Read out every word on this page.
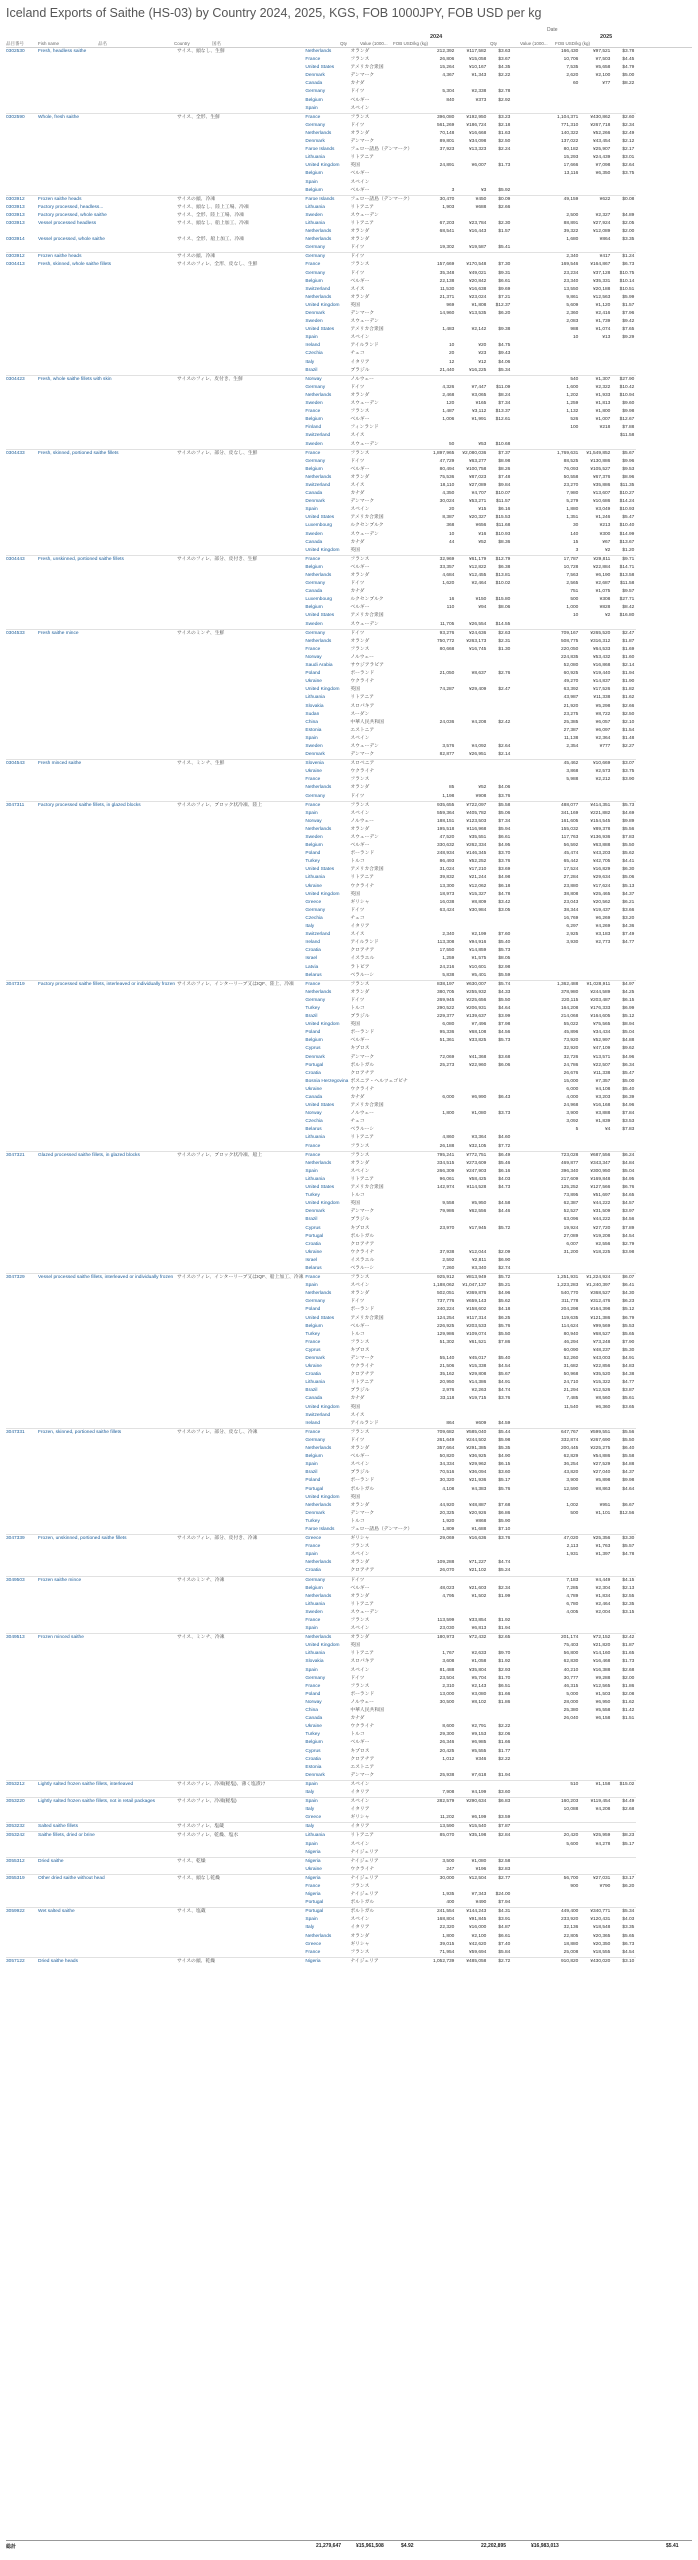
Iceland Exports of Saithe (HS-03) by Country 2024, 2025, KGS, FOB 1000JPY, FOB USD per kg
Date
2024	2025
品目番号	Fish name	品名	Country	国名	Qty	Value (1000... FOB USD/kg (kg)	Qty	Value (1000... FOB USD/kg (kg)
0302530	Fresh, headless saithe	サイス、頭なし、生鮮	Netherlands	オランダ	212,392	¥117,582	$3.63	166,430	¥97,521	$3.78
			France	フランス	26,806	¥15,058	$3.67	10,706	¥7,503	$4.45
			United States	アメリカ合衆国	15,264	¥10,167	$4.35	7,535	¥5,658	$4.79
			Denmark	デンマーク	4,367	¥1,343	$2.22	2,620	¥2,100	$5.00
			Canada	カナダ				60	¥77	$8.22
			Germany	ドイツ	5,304	¥2,338	$2.78			
			Belgium	ベルギー	840	¥373	$2.92			
			Spain	スペイン						
0302590	Whole, fresh saithe	サイス、全形、生鮮	France	フランス	396,080	¥192,950	$3.23	1,104,371	¥430,862	$2.60
			Germany	ドイツ	561,269	¥186,724	$2.18	771,310	¥267,718	$2.34
			Netherlands	オランダ	70,148	¥16,668	$1.63	140,322	¥52,266	$2.49
			Denmark	デンマーク	89,801	¥34,098	$2.50	137,022	¥43,454	$2.12
			Faroe Islands	フェロー諸島（デンマーク）	37,923	¥13,323	$2.24	80,182	¥25,907	$2.17
			Lithuania	リトアニア				15,293	¥24,439	$3.01
			United Kingdom	英国	24,891	¥6,007	$1.73	17,666	¥7,098	$2.64
			Belgium	ベルギー				13,116	¥6,350	$3.75
			Spain	スペイン						
			Belgium	ベルギー	3	¥3	$5.92			
0303912	Frozen saithe heads	サイスの頭、冷凍	Faroe Islands	フェロー諸島（デンマーク）	30,470	¥450	$0.09	49,159	¥622	$0.08
0303913	Factory processed, headless...	サイス、頭なし、陸上工場、冷凍	Lithuania	リトアニア	1,903	¥688	$2.66			
0303913	Factory processed, whole saithe	サイス、全形、陸上工場、冷凍	Sweden	スウェーデン				2,500	¥2,327	$4.89
0303913	Vessel processed headless	サイス、頭なし、船上加工、冷凍	Lithuania	リトアニア	67,203	¥23,784	$2.30	88,891	¥27,924	$2.05
			Netherlands	オランダ	68,541	¥16,443	$1.57	39,322	¥12,089	$2.00
0303914	Vessel processed, whole saithe	サイス、全形、船上加工、冷凍	Netherlands	オランダ				1,680	¥864	$3.35
			Germany	ドイツ	19,302	¥19,587	$5.41			
0303912	Frozen saithe heads	サイスの頭、冷凍	Germany	ドイツ				2,340	¥417	$1.24
0304413	Fresh, skinned, whole saithe fillets	サイスのフィレ、全形、皮なし、生鮮	France	フランス	157,669	¥170,548	$7.30	169,546	¥164,867	$6.73
			Germany	ドイツ	35,348	¥49,021	$9.31	23,234	¥37,128	$10.75
			Belgium	ベルギー	22,138	¥20,842	$6.61	23,340	¥35,331	$10.14
			Switzerland	スイス	11,530	¥16,638	$9.69	13,550	¥20,188	$10.51
			Netherlands	オランダ	21,371	¥23,024	$7.21	9,861	¥12,563	$5.99
			United Kingdom	英国	969	¥1,808	$12.37	5,609	¥1,120	$1.57
			Denmark	デンマーク	14,960	¥13,535	$6.20	2,360	¥2,416	$7.96
			Sweden	スウェーデン				2,083	¥1,739	$9.42
			United States	アメリカ合衆国	1,483	¥2,142	$9.38	988	¥1,074	$7.65
			Spain	スペイン				10	¥13	$9.29
			Ireland	アイルランド	10	¥20	$4.75			
			Czechia	チェコ	20	¥23	$9.43			
			Italy	イタリア	12	¥12	$4.06			
			Brazil	ブラジル	21,440	¥16,225	$5.34			
0304423	Fresh, whole saithe fillets with skin	サイスのフィレ、皮付き、生鮮	Norway	ノルウェー				540	¥1,307	$27.90
			Germany	ドイツ	4,326	¥7,447	$11.09	1,600	¥2,322	$10.42
			Netherlands	オランダ	2,468	¥3,065	$8.24	1,202	¥1,933	$10.94
			Sweden	スウェーデン	120	¥165	$7.34	1,259	¥1,813	$9.60
			France	フランス	1,487	¥3,112	$13.37	1,132	¥1,800	$9.98
			Belgium	ベルギー	1,006	¥1,991	$12.61	526	¥1,007	$12.67
			Finland	フィンランド				100	¥218	$7.88
			Switzerland	スイス						$11.58
			Sweden	スウェーデン	50	¥53	$10.68			
0304433	Fresh, skinned, portioned saithe fillets	サイスのフィレ、部分、皮なし、生鮮	France	フランス	1,897,965	¥2,080,036	$7.37	1,769,631	¥1,549,852	$5.67
			Germany	ドイツ	47,729	¥63,277	$8.98	88,525	¥130,886	$9.96
			Belgium	ベルギー	80,494	¥100,758	$8.26	76,093	¥105,527	$9.53
			Netherlands	オランダ	75,536	¥87,023	$7.48	50,558	¥67,376	$8.96
			Switzerland	スイス	18,110	¥27,089	$9.84	23,270	¥35,886	$11.35
			Canada	カナダ	4,350	¥4,707	$10.07	7,980	¥13,607	$10.27
			Denmark	デンマーク	30,024	¥53,271	$11.57	5,279	¥10,686	$14.24
			Spain	スペイン	20	¥15	$6.16	1,880	¥3,049	$10.93
			United States	アメリカ合衆国	8,387	¥20,327	$15.53	1,351	¥1,246	$5.47
			Luxembourg	ルクセンブルク	368	¥656	$11.68	30	¥213	$10.40
			Sweden	スウェーデン	10	¥16	$10.93	140	¥300	$14.99
			Canada	カナダ	44	¥52	$8.36	15	¥67	$13.67
			United Kingdom	英国				3	¥2	$1.20
0304443	Fresh, unskinned, portioned saithe fillets	サイスのフィレ、部分、皮付き、生鮮	France	フランス	32,969	¥61,179	$12.79	17,787	¥29,811	$9.71
			Belgium	ベルギー	33,357	¥12,822	$6.38	10,728	¥22,884	$14.71
			Netherlands	オランダ	4,684	¥12,455	$13.81	7,563	¥6,190	$13.58
			Germany	ドイツ	1,620	¥2,464	$10.02	2,565	¥2,687	$11.58
			Canada	カナダ				751	¥1,075	$9.57
			Luxembourg	ルクセンブルク	16	¥150	$15.80	500	¥308	$27.71
			Belgium	ベルギー	110	¥94	$8.06	1,000	¥828	$8.42
			United States	アメリカ合衆国				10	¥2	$16.80
			Sweden	スウェーデン	11,705	¥26,554	$14.55			
0304533	Fresh saithe mince	サイスのミンチ、生鮮	Germany	ドイツ	93,276	¥24,636	$2.63	709,167	¥265,520	$2.47
			Netherlands	オランダ	750,772	¥263,173	$2.31	508,775	¥316,312	$1.87
			France	フランス	80,668	¥16,745	$1.30	220,050	¥64,533	$1.69
			Norway	ノルウェー				224,835	¥53,432	$1.60
			Saudi Arabia	サウジアラビア				52,080	¥16,868	$2.14
			Poland	ポーランド	21,050	¥8,637	$2.76	60,925	¥19,440	$1.94
			Ukraine	ウクライナ				49,270	¥14,837	$1.90
			United Kingdom	英国	74,287	¥29,409	$2.47	63,392	¥17,526	$1.82
			Lithuania	リトアニア				43,987	¥11,338	$1.62
			Slovakia	スロバキア				21,920	¥5,298	$2.66
			Sudan	スーダン				23,275	¥8,722	$2.50
			China	中華人民共和国	24,036	¥4,208	$2.42	25,385	¥6,057	$2.10
			Estonia	エストニア				27,387	¥6,097	$1.54
			Spain	スペイン				11,138	¥2,364	$1.48
			Sweden	スウェーデン	3,576	¥4,092	$2.64	2,354	¥777	$2.27
			Denmark	デンマーク	82,877	¥26,951	$2.14			
0304543	Fresh minced saithe	サイス、ミンチ、生鮮	Slovenia	スロベニア				45,462	¥10,669	$3.07
			Ukraine	ウクライナ				3,868	¥2,573	$3.75
			France	フランス				5,988	¥2,212	$3.90
			Netherlands	オランダ	85	¥52	$4.06			
			Germany	ドイツ	1,198	¥908	$3.76			
3047311	Factory processed saithe fillets, in glazed blocks	サイスのフィレ、ブロック状冷凍、陸上	France	フランス	935,655	¥722,097	$5.58	488,077	¥414,351	$5.73
			Spain	スペイン	559,364	¥405,782	$5.06	341,169	¥221,882	$4.69
			Norway	ノルウェー	188,151	¥123,503	$7.34	161,605	¥154,545	$9.89
			Netherlands	オランダ	195,518	¥116,968	$5.94	155,032	¥89,378	$5.56
			Sweden	スウェーデン	47,520	¥35,551	$6.61	117,763	¥136,936	$7.83
			Belgium	ベルギー	330,632	¥262,334	$4.95	56,592	¥63,888	$5.50
			Poland	ポーランド	248,934	¥146,345	$3.70	45,474	¥43,203	$5.62
			Turkey	トルコ	86,493	¥52,252	$3.76	65,442	¥42,705	$4.41
			United States	アメリカ合衆国	31,024	¥17,210	$3.69	17,524	¥16,829	$6.30
			Lithuania	リトアニア	39,832	¥21,244	$4.98	27,284	¥29,634	$5.06
			Ukraine	ウクライナ	13,300	¥12,062	$6.18	23,880	¥17,624	$5.13
			United Kingdom	英国	18,973	¥15,327	$4.78	38,808	¥25,465	$4.37
			Greece	ギリシャ	16,038	¥8,809	$3.42	23,043	¥20,562	$6.21
			Germany	ドイツ	63,424	¥30,984	$3.05	38,344	¥19,437	$3.66
			Czechia	チェコ				16,769	¥6,269	$3.20
			Italy	イタリア				6,297	¥4,269	$4.36
			Switzerland	スイス	2,340	¥2,199	$7.60	2,925	¥3,183	$7.49
			Ireland	アイルランド	113,308	¥94,916	$5.40	3,930	¥2,773	$4.77
			Croatia	クロアチア	17,550	¥14,859	$5.73			
			Israel	イスラエル	1,259	¥1,575	$8.05			
			Latvia	ラトビア	24,216	¥10,601	$2.98			
			Belarus	ベラルーシ	5,838	¥5,401	$5.59			
3047319	Factory processed saithe fillets, interleaved or individually frozen	サイスのフィレ、インターリーブ又はIQF、陸上、冷凍	France	フランス	838,197	¥630,007	$5.74	1,362,488	¥1,028,911	$4.97
			Netherlands	オランダ	380,705	¥255,932	$4.33	378,980	¥244,589	$4.25
			Germany	ドイツ	269,945	¥225,656	$5.50	220,115	¥203,487	$6.15
			Turkey	トルコ	290,522	¥206,931	$4.64	164,208	¥176,333	$6.99
			Brazil	ブラジル	229,377	¥139,637	$3.99	214,068	¥164,605	$5.12
			United Kingdom	英国	6,080	¥7,496	$7.98	55,022	¥75,565	$8.94
			Poland	ポーランド	95,336	¥68,108	$4.56	45,896	¥34,434	$5.04
			Belgium	ベルギー	51,361	¥33,825	$5.73	73,920	¥52,997	$4.88
			Cyprus	キプロス				32,920	¥47,109	$9.62
			Denmark	デンマーク	72,069	¥41,368	$3.68	32,726	¥13,571	$4.96
			Portugal	ポルトガル	25,273	¥22,960	$6.06	24,786	¥22,507	$6.34
			Croatia	クロアチア				26,676	¥11,338	$5.47
			Bosnia Herzegovina	ボスニア・ヘルツェゴビナ				15,000	¥7,357	$5.00
			Ukraine	ウクライナ				6,000	¥4,108	$5.40
			Canada	カナダ	6,000	¥6,990	$6.43	4,000	¥3,203	$6.39
			United States	アメリカ合衆国				24,968	¥16,168	$4.96
			Norway	ノルウェー	1,800	¥1,080	$3.73	3,900	¥3,888	$7.84
			Czechia	チェコ				3,092	¥1,839	$3.53
			Belarus	ベラルーシ				5	¥4	$7.83
			Lithuania	リトアニア	4,860	¥3,364	$4.60			
			France	フランス	26,188	¥32,105	$7.72			
3047321	Glazed processed saithe fillets, in glazed blocks	サイスのフィレ、ブロック状冷凍、船上	France	フランス	795,241	¥772,751	$6.49	723,028	¥687,556	$6.24
			Netherlands	オランダ	334,515	¥273,609	$5.46	469,877	¥343,347	$4.84
			Spain	スペイン	266,309	¥247,903	$6.16	396,340	¥300,950	$5.04
			Lithuania	リトアニア	96,061	¥58,425	$4.03	217,609	¥169,848	$4.95
			United States	アメリカ合衆国	142,974	¥114,528	$4.73	125,252	¥127,566	$6.76
			Turkey	トルコ				73,895	¥51,697	$4.65
			United Kingdom	英国	9,558	¥5,950	$4.58	62,387	¥44,222	$4.57
			Denmark	デンマーク	79,986	¥62,556	$4.46	52,527	¥31,509	$3.97
			Brazil	ブラジル				63,096	¥44,222	$4.56
			Cyprus	キプロス	23,970	¥17,945	$5.72	19,924	¥27,720	$7.89
			Portugal	ポルトガル				27,089	¥19,208	$4.54
			Croatia	クロアチア				6,007	¥2,556	$2.79
			Ukraine	ウクライナ	37,938	¥12,044	$2.09	31,200	¥18,225	$3.98
			Israel	イスラエル	2,592	¥2,811	$6.90			
			Belarus	ベラルーシ	7,260	¥3,340	$2.74			
3047329	Vessel processed saithe fillets, interleaved or individually frozen	サイスのフィレ、インターリーブ又はIQF、船上加工、冷凍	France	フランス	925,912	¥813,949	$5.72	1,251,931	¥1,224,924	$6.07
			Spain	スペイン	1,188,062	¥1,047,137	$5.21	1,223,283	¥1,240,397	$6.41
			Netherlands	オランダ	502,051	¥369,876	$4.96	540,770	¥368,527	$4.30
			Germany	ドイツ	737,776	¥659,143	$5.62	311,778	¥312,476	$6.23
			Poland	ポーランド	240,224	¥158,602	$4.18	204,298	¥164,398	$5.12
			United States	アメリカ合衆国	124,254	¥117,314	$6.25	119,635	¥121,386	$6.79
			Belgium	ベルギー	226,925	¥203,533	$5.76	114,624	¥99,569	$5.53
			Turkey	トルコ	129,986	¥109,074	$5.50	80,940	¥68,527	$5.65
			France	フランス	51,302	¥61,521	$7.86	46,294	¥73,248	$7.90
			Cyprus	キプロス				60,090	¥48,237	$5.30
			Denmark	デンマーク	55,140	¥45,017	$5.40	52,260	¥43,003	$4.91
			Ukraine	ウクライナ	21,506	¥15,338	$4.54	31,682	¥22,856	$4.83
			Croatia	クロアチア	35,162	¥29,808	$5.67	50,968	¥35,520	$4.38
			Lithuania	リトアニア	20,950	¥14,386	$4.91	24,710	¥15,322	$4.77
			Brazil	ブラジル	2,976	¥2,263	$4.74	21,294	¥12,526	$3.87
			Canada	カナダ	33,118	¥19,715	$3.76	7,485	¥8,560	$5.61
			United Kingdom	英国				11,540	¥6,360	$3.65
			Switzerland	スイス						
			Ireland	アイルランド	864	¥609	$4.59			
3047331	Frozen, skinned, portioned saithe fillets	サイスのフィレ、部分、皮なし、冷凍	France	フランス	709,682	¥585,040	$5.44	647,767	¥599,551	$5.56
			Germany	ドイツ	261,649	¥244,502	$5.98	332,874	¥267,690	$5.50
			Netherlands	オランダ	357,664	¥291,385	$5.35	200,445	¥225,275	$6.40
			Belgium	ベルギー	50,820	¥36,925	$4.90	62,829	¥54,886	$5.58
			Spain	スペイン	34,334	¥29,962	$6.15	36,254	¥27,529	$4.88
			Brazil	ブラジル	70,516	¥36,094	$3.60	43,820	¥27,040	$4.37
			Poland	ポーランド	30,320	¥21,936	$5.17	3,900	¥5,898	$9.98
			Portugal	ポルトガル	4,108	¥4,383	$5.76	12,590	¥8,863	$4.64
			United Kingdom	英国						
			Netherlands	オランダ	44,920	¥48,887	$7.68	1,002	¥951	$6.67
			Denmark	デンマーク	20,325	¥20,926	$6.86	500	¥1,101	$12.56
			Turkey	トルコ	1,920	¥868	$5.90			
			Faroe Islands	フェロー諸島（デンマーク）	1,809	¥1,688	$7.10			
3047339	Frozen, unskinned, portioned saithe fillets	サイスのフィレ、部分、皮付き、冷凍	Greece	ギリシャ	29,069	¥16,636	$3.76	47,020	¥25,356	$3.30
			France	フランス				2,113	¥1,763	$5.57
			Spain	スペイン				1,931	¥1,397	$4.78
			Netherlands	オランダ	109,288	¥71,227	$4.74			
			Croatia	クロアチア	26,070	¥21,102	$5.24			
3049503	Frozen saithe mince	サイスのミンチ、冷凍	Germany	ドイツ				7,183	¥4,449	$4.15
			Belgium	ベルギー	48,023	¥21,603	$2.34	7,285	¥2,304	$2.13
			Netherlands	オランダ	4,795	¥1,502	$1.99	4,789	¥1,834	$2.55
			Lithuania	リトアニア				6,780	¥2,464	$2.35
			Sweden	スウェーデン				4,005	¥2,004	$3.15
			France	フランス	113,599	¥33,854	$1.92			
			Spain	スペイン	23,030	¥6,813	$1.94			
3049513	Frozen minced saithe	サイス、ミンチ、冷凍	Netherlands	オランダ	180,973	¥72,432	$2.65	201,174	¥72,152	$2.42
			United Kingdom	英国				75,403	¥21,820	$1.87
			Lithuania	リトアニア	1,767	¥2,633	$9.70	56,800	¥14,160	$1.65
			Slovakia	スロバキア	3,608	¥1,058	$1.92	62,830	¥16,468	$1.73
			Spain	スペイン	81,488	¥35,804	$2.93	40,210	¥16,388	$2.68
			Germany	ドイツ	23,504	¥5,704	$1.70	30,777	¥9,288	$2.00
			France	フランス	2,310	¥2,143	$6.51	46,315	¥12,565	$1.86
			Poland	ポーランド	13,000	¥3,080	$1.66	5,000	¥1,503	$2.08
			Norway	ノルウェー	30,500	¥8,102	$1.86	28,000	¥6,950	$1.62
			China	中華人民共和国				25,380	¥5,558	$1.42
			Canada	カナダ				26,040	¥6,158	$1.51
			Ukraine	ウクライナ	8,600	¥2,791	$2.22			
			Turkey	トルコ	29,300	¥9,153	$2.06			
			Belgium	ベルギー	26,346	¥6,985	$1.66			
			Cyprus	キプロス	20,425	¥5,555	$1.77			
			Croatia	クロアチア	1,012	¥346	$2.22			
			Estonia	エストニア						
			Denmark	デンマーク	25,938	¥7,618	$1.94			
3053212	Lightly salted frozen saithe fillets, interleaved	サイスのフィレ、冷凍(軽塩)、薄く塩漬け	Spain	スペイン				510	¥1,158	$15.02
			Italy	イタリア	7,908	¥4,199	$3.60			
3053220	Lightly salted frozen saithe fillets, not in retail packages	サイスのフィレ、冷凍(軽塩)	Spain	スペイン	282,579	¥290,634	$6.83	160,203	¥119,454	$4.49
			Italy	イタリア				10,088	¥4,208	$2.68
			Greece	ギリシャ	11,202	¥6,199	$3.59			
3053232	Salted saithe fillets	サイスのフィレ、塩蔵	Italy	イタリア	13,590	¥15,540	$7.87			
3053242	Saithe fillets, dried or brine	サイスのフィレ、乾燥、塩水	Lithuania	リトアニア	85,070	¥35,198	$2.84	20,420	¥25,959	$8.23
			Spain	スペイン				5,600	¥4,278	$5.17
			Nigeria	ナイジェリア						
3055312	Dried saithe	サイス、乾燥	Nigeria	ナイジェリア	3,500	¥1,080	$2.58			
			Ukraine	ウクライナ	247	¥196	$2.83			
3055319	Other dried saithe without head	サイス、頭なし乾燥	Nigeria	ナイジェリア	30,000	¥12,504	$2.77	56,700	¥27,031	$3.17
			France	フランス				900	¥790	$6.20
			Nigeria	ナイジェリア	1,935	¥7,343	$24.00			
			Portugal	ポルトガル	400	¥490	$7.94			
3059922	Wet salted saithe	サイス、塩蔵	Portugal	ポルトガル	241,554	¥144,243	$4.31	449,400	¥340,771	$5.34
			Spain	スペイン	168,804	¥91,845	$3.91	233,920	¥120,431	$4.03
			Italy	イタリア	22,320	¥16,000	$4.87	32,136	¥18,548	$3.35
			Netherlands	オランダ	1,800	¥2,100	$6.61	22,805	¥20,365	$5.65
			Greece	ギリシャ	39,015	¥42,620	$7.40	18,880	¥20,350	$6.73
			France	フランス	71,954	¥59,694	$5.84	25,008	¥18,555	$4.54
3057122	Dried saithe heads	サイスの頭、乾燥	Nigeria	ナイジェリア	1,052,739	¥485,058	$2.72	910,820	¥430,020	$3.10
総計	21,279,647	¥15,961,508	$4.92	22,202,895	¥16,983,013	$5.41
